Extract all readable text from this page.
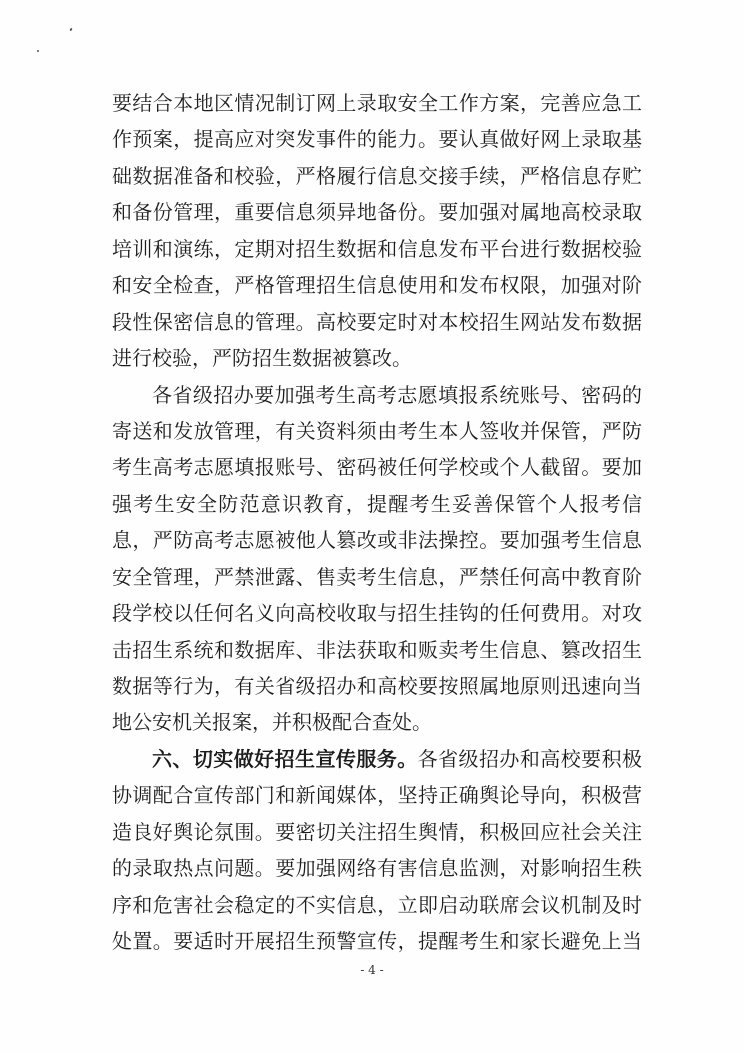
要结合本地区情况制订网上录取安全工作方案，完善应急工
作预案，提高应对突发事件的能力。要认真做好网上录取基
础数据准备和校验，严格履行信息交接手续，严格信息存贮
和备份管理，重要信息须异地备份。要加强对属地高校录取
培训和演练，定期对招生数据和信息发布平台进行数据校验
和安全检查，严格管理招生信息使用和发布权限，加强对阶
段性保密信息的管理。高校要定时对本校招生网站发布数据
进行校验，严防招生数据被篡改。
各省级招办要加强考生高考志愿填报系统账号、密码的
寄送和发放管理，有关资料须由考生本人签收并保管，严防
考生高考志愿填报账号、密码被任何学校或个人截留。要加
强考生安全防范意识教育，提醒考生妥善保管个人报考信
息，严防高考志愿被他人篡改或非法操控。要加强考生信息
安全管理，严禁泄露、售卖考生信息，严禁任何高中教育阶
段学校以任何名义向高校收取与招生挂钩的任何费用。对攻
击招生系统和数据库、非法获取和贩卖考生信息、篡改招生
数据等行为，有关省级招办和高校要按照属地原则迅速向当
地公安机关报案，并积极配合查处。
六、切实做好招生宣传服务。各省级招办和高校要积极
协调配合宣传部门和新闻媒体，坚持正确舆论导向，积极营
造良好舆论氛围。要密切关注招生舆情，积极回应社会关注
的录取热点问题。要加强网络有害信息监测，对影响招生秩
序和危害社会稳定的不实信息，立即启动联席会议机制及时
处置。要适时开展招生预警宣传，提醒考生和家长避免上当
- 4 -
